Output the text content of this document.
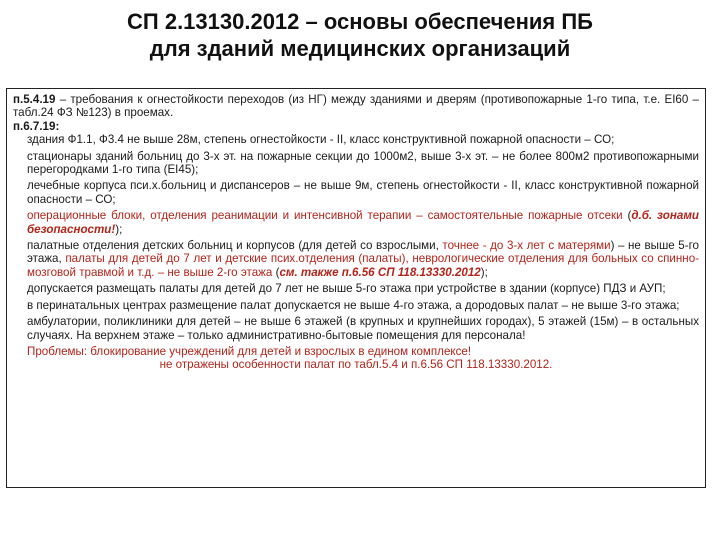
СП 2.13130.2012 – основы обеспечения ПБ
для зданий медицинских организаций

п.5.4.19 – требования к огнестойкости переходов (из НГ) между зданиями и дверям (противопожарные 1-го типа, т.е. EI60 – табл.24 ФЗ №123) в проемах.

п.6.7.19:

здания Ф1.1, Ф3.4 не выше 28м, степень огнестойкости - II, класс конструктивной пожарной опасности – СО;

стационары зданий больниц до 3-х эт. на пожарные секции до 1000м2, выше 3-х эт. – не более 800м2 противопожарными перегородками 1-го типа (EI45);

лечебные корпуса пси.х.больниц и диспансеров – не выше 9м, степень огнестойкости - II, класс конструктивной пожарной опасности – СО;

операционные блоки, отделения реанимации и интенсивной терапии – самостоятельные пожарные отсеки (д.б. зонами безопасности!);

палатные отделения детских больниц и корпусов (для детей со взрослыми, точнее - до 3-х лет с матерями) – не выше 5-го этажа, палаты для детей до 7 лет и детские псих.отделения (палаты), неврологические отделения для больных со спинно-мозговой травмой и т.д. – не выше 2-го этажа (см. также п.6.56 СП 118.13330.2012);

допускается размещать палаты для детей до 7 лет не выше 5-го этажа при устройстве в здании (корпусе) ПДЗ и АУП;

в перинатальных центрах размещение палат допускается не выше 4-го этажа, а дородовых палат – не выше 3-го этажа;

амбулатории, поликлиники для детей – не выше 6 этажей (в крупных и крупнейших городах), 5 этажей (15м) – в остальных случаях. На верхнем этаже – только административно-бытовые помещения для персонала!

Проблемы: блокирование учреждений для детей и взрослых в едином комплексе!

не отражены особенности палат по табл.5.4 и п.6.56 СП 118.13330.2012.
